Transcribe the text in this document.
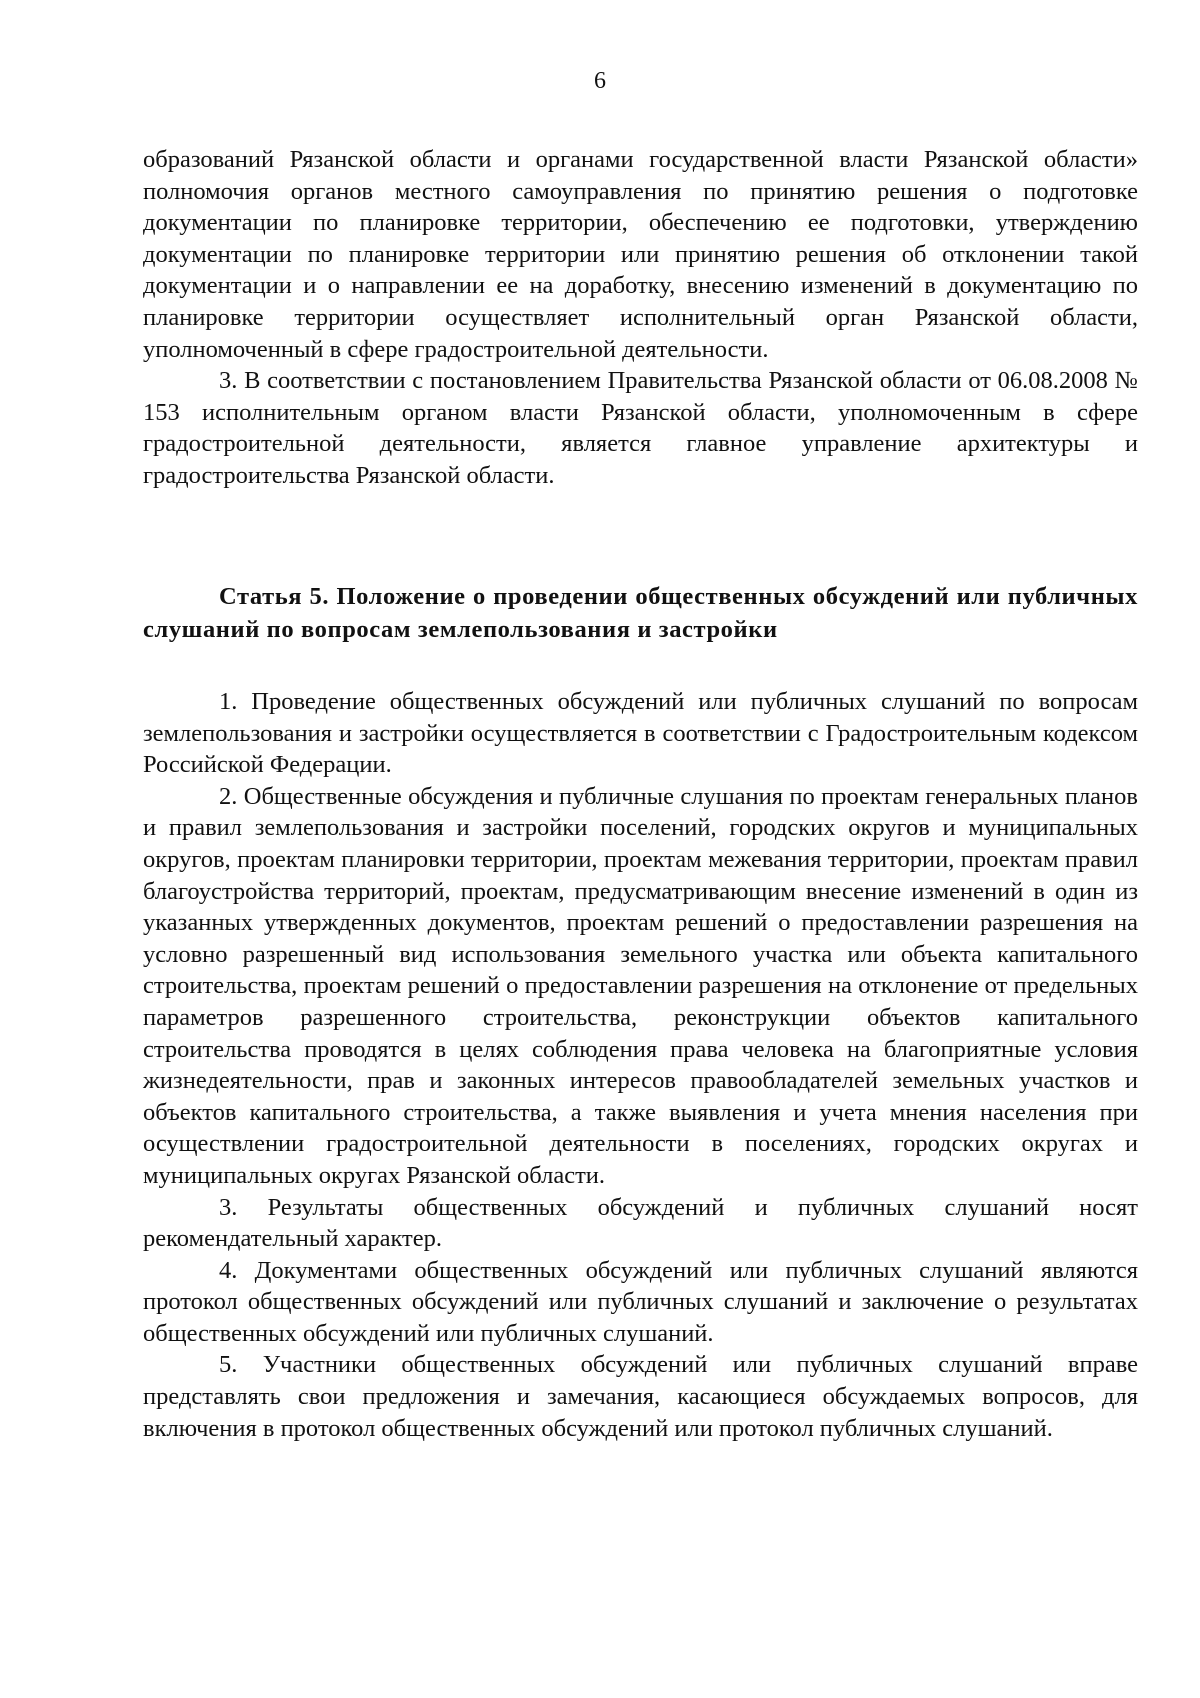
6

образований Рязанской области и органами государственной власти Рязанской области» полномочия органов местного самоуправления по принятию решения о подготовке документации по планировке территории, обеспечению ее подготовки, утверждению документации по планировке территории или принятию решения об отклонении такой документации и о направлении ее на доработку, внесению изменений в документацию по планировке территории осуществляет исполнительный орган Рязанской области, уполномоченный в сфере градостроительной деятельности.

3. В соответствии с постановлением Правительства Рязанской области от 06.08.2008 № 153 исполнительным органом власти Рязанской области, уполномоченным в сфере градостроительной деятельности, является главное управление архитектуры и градостроительства Рязанской области.

Статья 5. Положение о проведении общественных обсуждений или публичных слушаний по вопросам землепользования и застройки

1. Проведение общественных обсуждений или публичных слушаний по вопросам землепользования и застройки осуществляется в соответствии с Градостроительным кодексом Российской Федерации.

2. Общественные обсуждения и публичные слушания по проектам генеральных планов и правил землепользования и застройки поселений, городских округов и муниципальных округов, проектам планировки территории, проектам межевания территории, проектам правил благоустройства территорий, проектам, предусматривающим внесение изменений в один из указанных утвержденных документов, проектам решений о предоставлении разрешения на условно разрешенный вид использования земельного участка или объекта капитального строительства, проектам решений о предоставлении разрешения на отклонение от предельных параметров разрешенного строительства, реконструкции объектов капитального строительства проводятся в целях соблюдения права человека на благоприятные условия жизнедеятельности, прав и законных интересов правообладателей земельных участков и объектов капитального строительства, а также выявления и учета мнения населения при осуществлении градостроительной деятельности в поселениях, городских округах и муниципальных округах Рязанской области.

3. Результаты общественных обсуждений и публичных слушаний носят рекомендательный характер.

4. Документами общественных обсуждений или публичных слушаний являются протокол общественных обсуждений или публичных слушаний и заключение о результатах общественных обсуждений или публичных слушаний.

5. Участники общественных обсуждений или публичных слушаний вправе представлять свои предложения и замечания, касающиеся обсуждаемых вопросов, для включения в протокол общественных обсуждений или протокол публичных слушаний.
